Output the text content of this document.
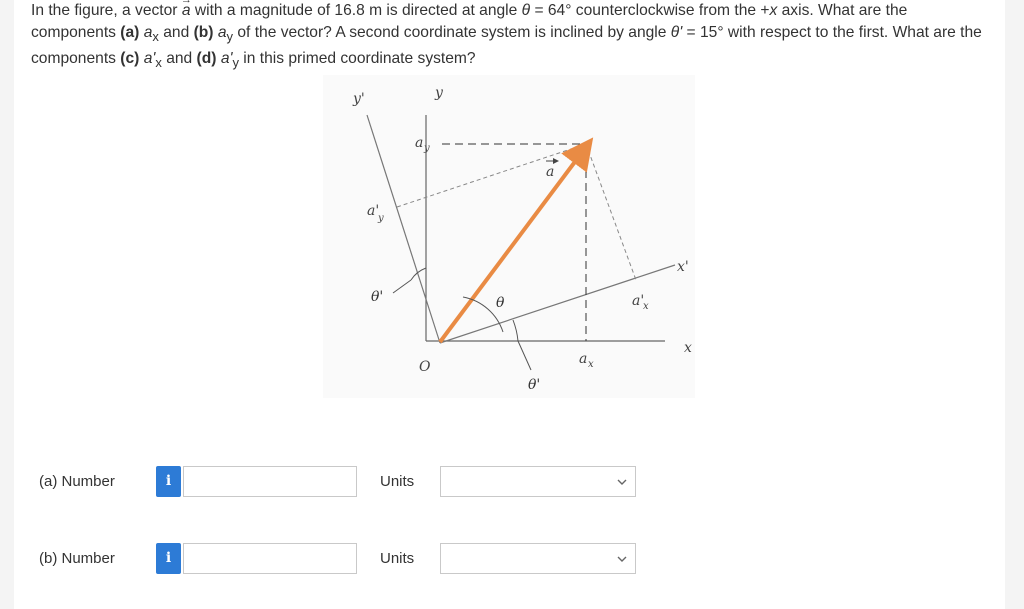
In the figure, a vector → a with a magnitude of 16.8 m is directed at angle θ = 64° counterclockwise from the +x axis. What are the components (a) $a_x$ and (b) $a_y$ of the vector? A second coordinate system is inclined by angle θ' = 15° with respect to the first. What are the components (c) $a'_x$ and (d) $a'_y$ in this primed coordinate system?
y'	y
a y
a'
y
a
θ'	θ	a'
x
x'
x
O	a x
θ'
(a) Number	i	Units
(b) Number	i	Units
